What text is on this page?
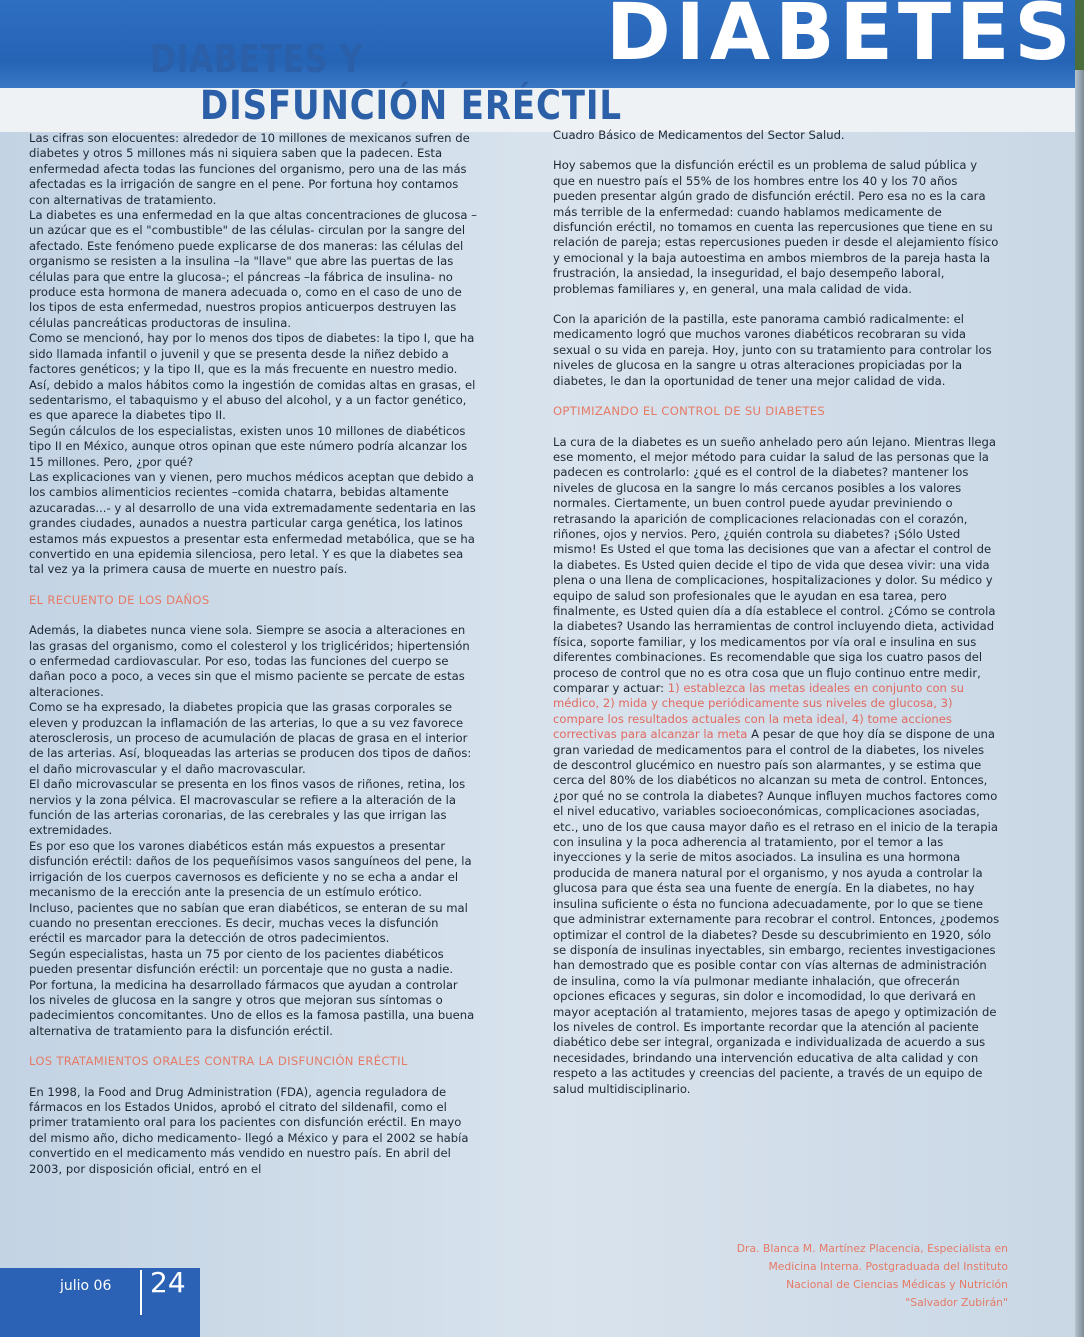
DIABETES
DIABETES Y
DISFUNCIÓN ERÉCTIL

Las cifras son elocuentes: alrededor de 10 millones de mexicanos sufren de diabetes y otros 5 millones más ni siquiera saben que la padecen. Esta enfermedad afecta todas las funciones del organismo, pero una de las más afectadas es la irrigación de sangre en el pene. Por fortuna hoy contamos con alternativas de tratamiento.

La diabetes es una enfermedad en la que altas concentraciones de glucosa –un azúcar que es el "combustible" de las células- circulan por la sangre del afectado. Este fenómeno puede explicarse de dos maneras: las células del organismo se resisten a la insulina –la "llave" que abre las puertas de las células para que entre la glucosa-; el páncreas –la fábrica de insulina- no produce esta hormona de manera adecuada o, como en el caso de uno de los tipos de esta enfermedad, nuestros propios anticuerpos destruyen las células pancreáticas productoras de insulina.

Como se mencionó, hay por lo menos dos tipos de diabetes: la tipo I, que ha sido llamada infantil o juvenil y que se presenta desde la niñez debido a factores genéticos; y la tipo II, que es la más frecuente en nuestro medio. Así, debido a malos hábitos como la ingestión de comidas altas en grasas, el sedentarismo, el tabaquismo y el abuso del alcohol, y a un factor genético, es que aparece la diabetes tipo II.

Según cálculos de los especialistas, existen unos 10 millones de diabéticos tipo II en México, aunque otros opinan que este número podría alcanzar los 15 millones. Pero, ¿por qué?

Las explicaciones van y vienen, pero muchos médicos aceptan que debido a los cambios alimenticios recientes –comida chatarra, bebidas altamente azucaradas...- y al desarrollo de una vida extremadamente sedentaria en las grandes ciudades, aunados a nuestra particular carga genética, los latinos estamos más expuestos a presentar esta enfermedad metabólica, que se ha convertido en una epidemia silenciosa, pero letal. Y es que la diabetes sea tal vez ya la primera causa de muerte en nuestro país.

EL RECUENTO DE LOS DAÑOS

Además, la diabetes nunca viene sola. Siempre se asocia a alteraciones en las grasas del organismo, como el colesterol y los triglicéridos; hipertensión o enfermedad cardiovascular. Por eso, todas las funciones del cuerpo se dañan poco a poco, a veces sin que el mismo paciente se percate de estas alteraciones.

Como se ha expresado, la diabetes propicia que las grasas corporales se eleven y produzcan la inflamación de las arterias, lo que a su vez favorece aterosclerosis, un proceso de acumulación de placas de grasa en el interior de las arterias. Así, bloqueadas las arterias se producen dos tipos de daños: el daño microvascular y el daño macrovascular.

El daño microvascular se presenta en los finos vasos de riñones, retina, los nervios y la zona pélvica. El macrovascular se refiere a la alteración de la función de las arterias coronarias, de las cerebrales y las que irrigan las extremidades.

Es por eso que los varones diabéticos están más expuestos a presentar disfunción eréctil: daños de los pequeñísimos vasos sanguíneos del pene, la irrigación de los cuerpos cavernosos es deficiente y no se echa a andar el mecanismo de la erección ante la presencia de un estímulo erótico.

Incluso, pacientes que no sabían que eran diabéticos, se enteran de su mal cuando no presentan erecciones. Es decir, muchas veces la disfunción eréctil es marcador para la detección de otros padecimientos.

Según especialistas, hasta un 75 por ciento de los pacientes diabéticos pueden presentar disfunción eréctil: un porcentaje que no gusta a nadie.

Por fortuna, la medicina ha desarrollado fármacos que ayudan a controlar los niveles de glucosa en la sangre y otros que mejoran sus síntomas o padecimientos concomitantes. Uno de ellos es la famosa pastilla, una buena alternativa de tratamiento para la disfunción eréctil.

LOS TRATAMIENTOS ORALES CONTRA LA DISFUNCIÓN ERÉCTIL

En 1998, la Food and Drug Administration (FDA), agencia reguladora de fármacos en los Estados Unidos, aprobó el citrato del sildenafil, como el primer tratamiento oral para los pacientes con disfunción eréctil. En mayo del mismo año, dicho medicamento- llegó a México y para el 2002 se había convertido en el medicamento más vendido en nuestro país. En abril del 2003, por disposición oficial, entró en el

Cuadro Básico de Medicamentos del Sector Salud.

Hoy sabemos que la disfunción eréctil es un problema de salud pública y que en nuestro país el 55% de los hombres entre los 40 y los 70 años pueden presentar algún grado de disfunción eréctil. Pero esa no es la cara más terrible de la enfermedad: cuando hablamos medicamente de disfunción eréctil, no tomamos en cuenta las repercusiones que tiene en su relación de pareja; estas repercusiones pueden ir desde el alejamiento físico y emocional y la baja autoestima en ambos miembros de la pareja hasta la frustración, la ansiedad, la inseguridad, el bajo desempeño laboral, problemas familiares y, en general, una mala calidad de vida.

Con la aparición de la pastilla, este panorama cambió radicalmente: el medicamento logró que muchos varones diabéticos recobraran su vida sexual o su vida en pareja. Hoy, junto con su tratamiento para controlar los niveles de glucosa en la sangre u otras alteraciones propiciadas por la diabetes, le dan la oportunidad de tener una mejor calidad de vida.

OPTIMIZANDO EL CONTROL DE SU DIABETES

La cura de la diabetes es un sueño anhelado pero aún lejano. Mientras llega ese momento, el mejor método para cuidar la salud de las personas que la padecen es controlarlo: ¿qué es el control de la diabetes? mantener los niveles de glucosa en la sangre lo más cercanos posibles a los valores normales. Ciertamente, un buen control puede ayudar previniendo o retrasando la aparición de complicaciones relacionadas con el corazón, riñones, ojos y nervios. Pero, ¿quién controla su diabetes? ¡Sólo Usted mismo! Es Usted el que toma las decisiones que van a afectar el control de la diabetes. Es Usted quien decide el tipo de vida que desea vivir: una vida plena o una llena de complicaciones, hospitalizaciones y dolor. Su médico y equipo de salud son profesionales que le ayudan en esa tarea, pero finalmente, es Usted quien día a día establece el control. ¿Cómo se controla la diabetes? Usando las herramientas de control incluyendo dieta, actividad física, soporte familiar, y los medicamentos por vía oral e insulina en sus diferentes combinaciones. Es recomendable que siga los cuatro pasos del proceso de control que no es otra cosa que un flujo continuo entre medir, comparar y actuar: 1) establezca las metas ideales en conjunto con su médico, 2) mida y cheque periódicamente sus niveles de glucosa, 3) compare los resultados actuales con la meta ideal, 4) tome acciones correctivas para alcanzar la meta A pesar de que hoy día se dispone de una gran variedad de medicamentos para el control de la diabetes, los niveles de descontrol glucémico en nuestro país son alarmantes, y se estima que cerca del 80% de los diabéticos no alcanzan su meta de control. Entonces, ¿por qué no se controla la diabetes? Aunque influyen muchos factores como el nivel educativo, variables socioeconómicas, complicaciones asociadas, etc., uno de los que causa mayor daño es el retraso en el inicio de la terapia con insulina y la poca adherencia al tratamiento, por el temor a las inyecciones y la serie de mitos asociados. La insulina es una hormona producida de manera natural por el organismo, y nos ayuda a controlar la glucosa para que ésta sea una fuente de energía. En la diabetes, no hay insulina suficiente o ésta no funciona adecuadamente, por lo que se tiene que administrar externamente para recobrar el control. Entonces, ¿podemos optimizar el control de la diabetes? Desde su descubrimiento en 1920, sólo se disponía de insulinas inyectables, sin embargo, recientes investigaciones han demostrado que es posible contar con vías alternas de administración de insulina, como la vía pulmonar mediante inhalación, que ofrecerán opciones eficaces y seguras, sin dolor e incomodidad, lo que derivará en mayor aceptación al tratamiento, mejores tasas de apego y optimización de los niveles de control. Es importante recordar que la atención al paciente diabético debe ser integral, organizada e individualizada de acuerdo a sus necesidades, brindando una intervención educativa de alta calidad y con respeto a las actitudes y creencias del paciente, a través de un equipo de salud multidisciplinario.

Dra. Blanca M. Martínez Placencia, Especialista en
Medicina Interna. Postgraduada del Instituto
Nacional de Ciencias Médicas y Nutrición
"Salvador Zubirán"
julio 06 24
